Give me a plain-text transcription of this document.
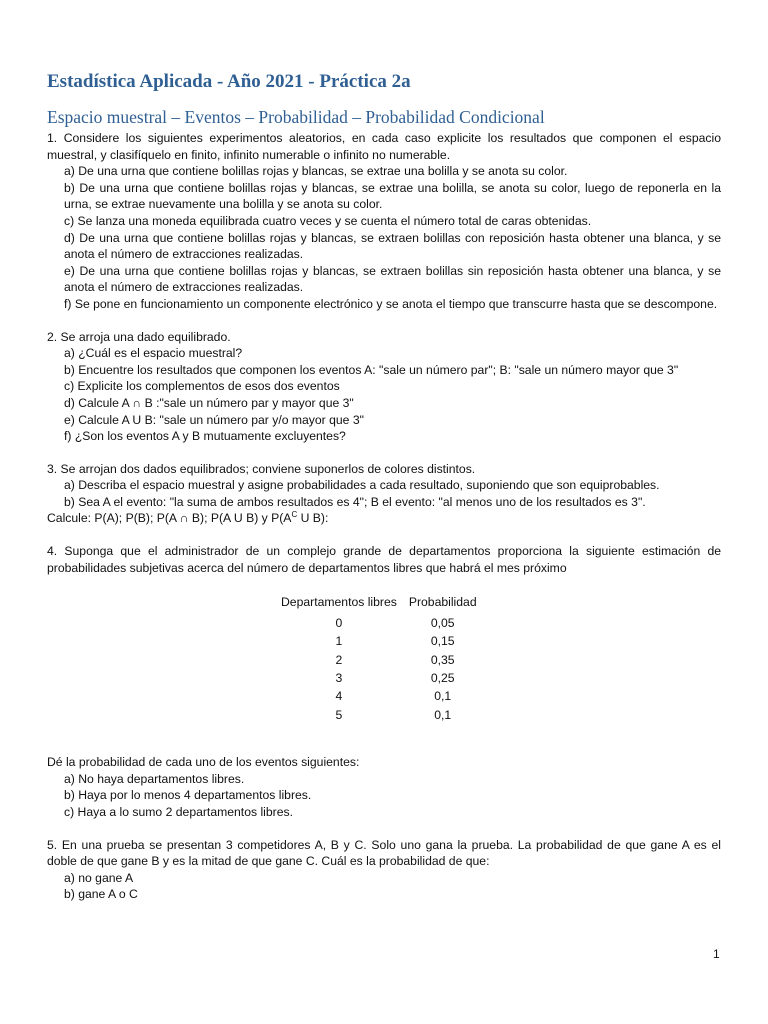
Estadística Aplicada - Año 2021 - Práctica 2a
Espacio muestral – Eventos – Probabilidad – Probabilidad Condicional

1. Considere los siguientes experimentos aleatorios, en cada caso explicite los resultados que componen el espacio muestral, y clasifíquelo en finito, infinito numerable o infinito no numerable.

a) De una urna que contiene bolillas rojas y blancas, se extrae una bolilla y se anota su color.

b) De una urna que contiene bolillas rojas y blancas, se extrae una bolilla, se anota su color, luego de reponerla en la urna, se extrae nuevamente una bolilla y se anota su color.

c) Se lanza una moneda equilibrada cuatro veces y se cuenta el número total de caras obtenidas.

d) De una urna que contiene bolillas rojas y blancas, se extraen bolillas con reposición hasta obtener una blanca, y se anota el número de extracciones realizadas.

e) De una urna que contiene bolillas rojas y blancas, se extraen bolillas sin reposición hasta obtener una blanca, y se anota el número de extracciones realizadas.

f) Se pone en funcionamiento un componente electrónico y se anota el tiempo que transcurre hasta que se descompone.

2. Se arroja una dado equilibrado.

a) ¿Cuál es el espacio muestral?

b) Encuentre los resultados que componen los eventos A: "sale un número par"; B: "sale un número mayor que 3"

c) Explicite los complementos de esos dos eventos

d) Calcule A ∩ B :"sale un número par y mayor que 3"

e) Calcule A U B: "sale un número par y/o mayor que 3"

f) ¿Son los eventos A y B mutuamente excluyentes?

3. Se arrojan dos dados equilibrados; conviene suponerlos de colores distintos.

a) Describa el espacio muestral y asigne probabilidades a cada resultado, suponiendo que son equiprobables.

b) Sea A el evento: "la suma de ambos resultados es 4"; B el evento: "al menos uno de los resultados es 3".

Calcule: P(A); P(B); P(A ∩ B); P(A U B) y $P(A^C$ U B):

4. Suponga que el administrador de un complejo grande de departamentos proporciona la siguiente estimación de probabilidades subjetivas acerca del número de departamentos libres que habrá el mes próximo

Departamentos libres	Probabilidad
0	0,05
1	0,15
2	0,35
3	0,25
4	0,1
5	0,1

Dé la probabilidad de cada uno de los eventos siguientes:

a) No haya departamentos libres.

b) Haya por lo menos 4 departamentos libres.

c) Haya a lo sumo 2 departamentos libres.

5. En una prueba se presentan 3 competidores A, B y C. Solo uno gana la prueba. La probabilidad de que gane A es el doble de que gane B y es la mitad de que gane C. Cuál es la probabilidad de que:

a) no gane A

b) gane A o C

1
